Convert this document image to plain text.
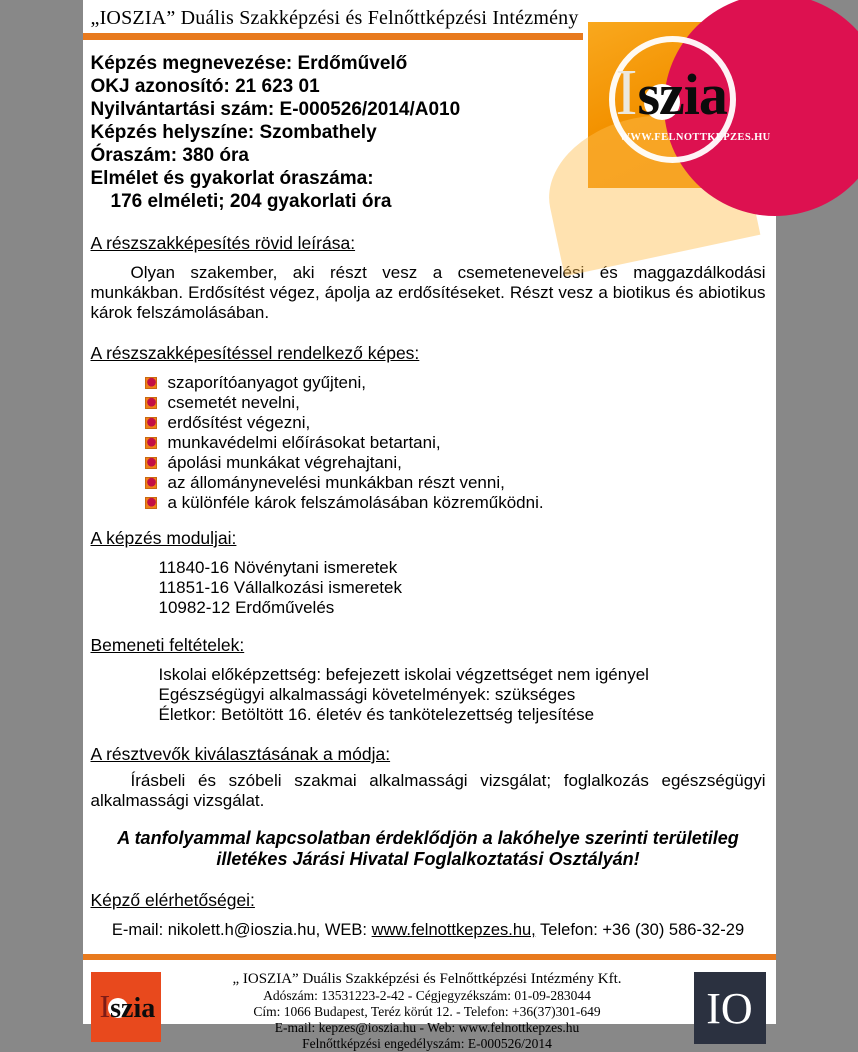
„IOSZIA” Duális Szakképzési és Felnőttképzési Intézmény
Iszia
WWW.FELNOTTKEPZES.HU
Képzés megnevezése: Erdőművelő
OKJ azonosító: 21 623 01
Nyilvántartási szám: E-000526/2014/A010
Képzés helyszíne: Szombathely
Óraszám: 380 óra
Elmélet és gyakorlat óraszáma:
176 elméleti; 204 gyakorlati óra
A részszakképesítés rövid leírása:
Olyan szakember, aki részt vesz a csemetenevelési és maggazdálkodási munkákban. Erdősítést végez, ápolja az erdősítéseket. Részt vesz a biotikus és abiotikus károk felszámolásában.
A részszakképesítéssel rendelkező képes:
szaporítóanyagot gyűjteni,
csemetét nevelni,
erdősítést végezni,
munkavédelmi előírásokat betartani,
ápolási munkákat végrehajtani,
az állománynevelési munkákban részt venni,
a különféle károk felszámolásában közreműködni.
A képzés moduljai:
11840-16 Növénytani ismeretek
11851-16 Vállalkozási ismeretek
10982-12 Erdőművelés
Bemeneti feltételek:
Iskolai előképzettség: befejezett iskolai végzettséget nem igényel
Egészségügyi alkalmassági követelmények: szükséges
Életkor: Betöltött 16. életév és tankötelezettség teljesítése
A résztvevők kiválasztásának a módja:
Írásbeli és szóbeli szakmai alkalmassági vizsgálat; foglalkozás egészségügyi alkalmassági vizsgálat.
A tanfolyammal kapcsolatban érdeklődjön a lakóhelye szerinti területileg illetékes Járási Hivatal Foglalkoztatási Osztályán!
Képző elérhetőségei:
E-mail: nikolett.h@ioszia.hu, WEB: www.felnottkepzes.hu, Telefon: +36 (30) 586-32-29
Iszia
„ IOSZIA” Duális Szakképzési és Felnőttképzési Intézmény Kft.
Adószám: 13531223-2-42 - Cégjegyzékszám: 01-09-283044
Cím: 1066 Budapest, Teréz körút 12. - Telefon: +36(37)301-649
E-mail: kepzes@ioszia.hu - Web: www.felnottkepzes.hu
Felnőttképzési engedélyszám: E-000526/2014
IO
